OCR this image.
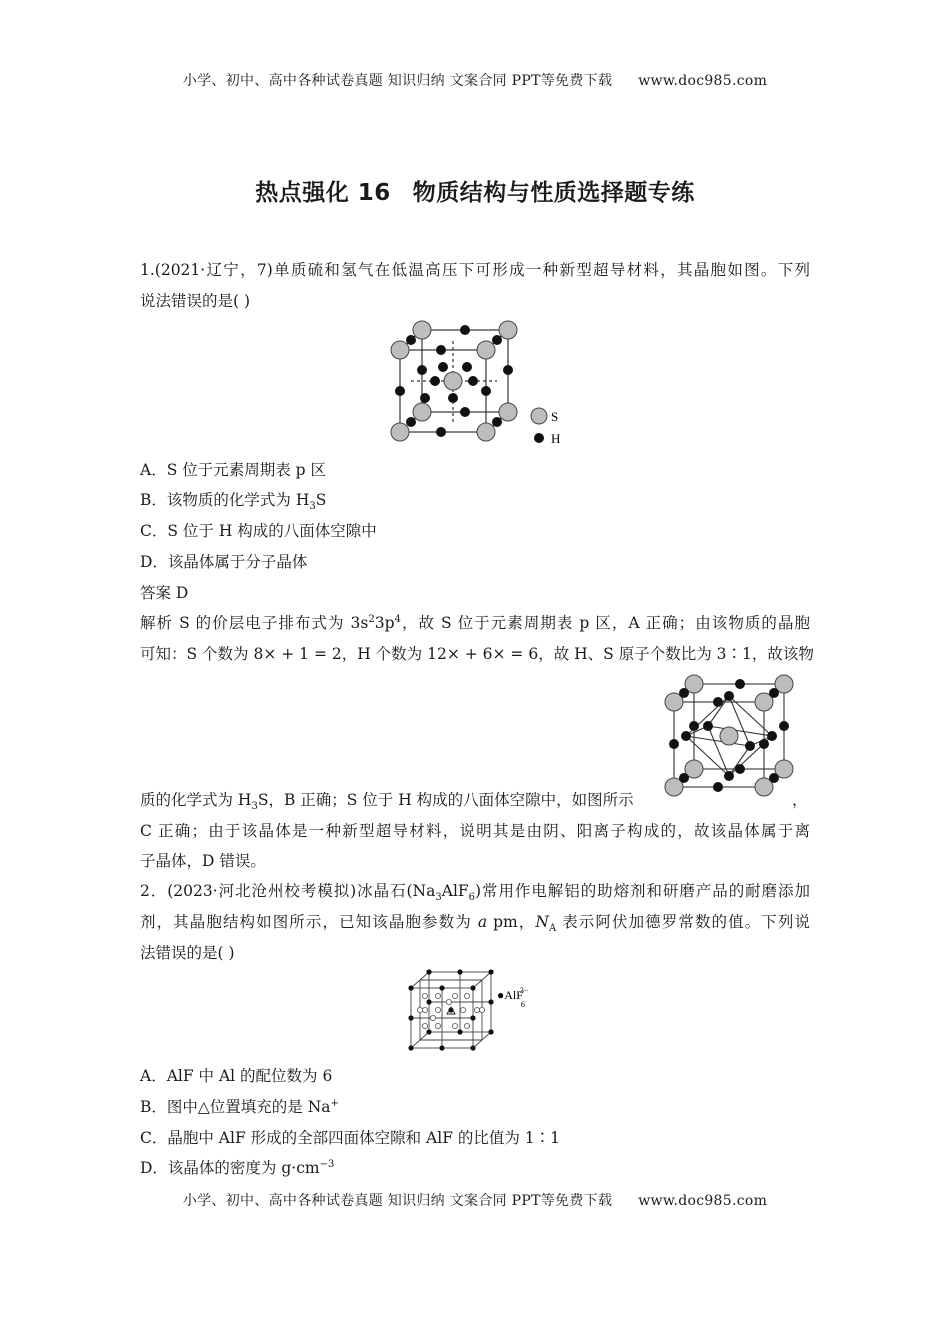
小学、初中、高中各种试卷真题 知识归纳 文案合同 PPT等免费下载 www.doc985.com
热点强化 16 物质结构与性质选择题专练
1.(2021·辽宁，7)单质硫和氢气在低温高压下可形成一种新型超导材料，其晶胞如图。下列
说法错误的是( )
S
H
A．S 位于元素周期表 p 区
B．该物质的化学式为 $H_3S$
C．S 位于 H 构成的八面体空隙中
D．该晶体属于分子晶体
答案 D
解析 S 的价层电子排布式为 $3s^23p^4$，故 S 位于元素周期表 p 区，A 正确；由该物质的晶胞
可知：S 个数为 8× + 1 = 2，H 个数为 12× + 6× = 6，故 H、S 原子个数比为 3∶1，故该物
质的化学式为 $H_3S$，B 正确；S 位于 H 构成的八面体空隙中，如图所示	，
C 正确；由于该晶体是一种新型超导材料，说明其是由阴、阳离子构成的，故该晶体属于离
子晶体，D 错误。
2．(2023·河北沧州校考模拟)冰晶石$(Na_3AlF_6)$常用作电解铝的助熔剂和研磨产品的耐磨添加
剂，其晶胞结构如图所示，已知该晶胞参数为 a pm，$N_A$ 表示阿伏加德罗常数的值。下列说
法错误的是( )
●AlF 63−
A．AlF 中 Al 的配位数为 6
B．图中△位置填充的是 Na+
C．晶胞中 AlF 形成的全部四面体空隙和 AlF 的比值为 1∶1
D．该晶体的密度为 $g\cdot cm^{-3}$
小学、初中、高中各种试卷真题 知识归纳 文案合同 PPT等免费下载 www.doc985.com
